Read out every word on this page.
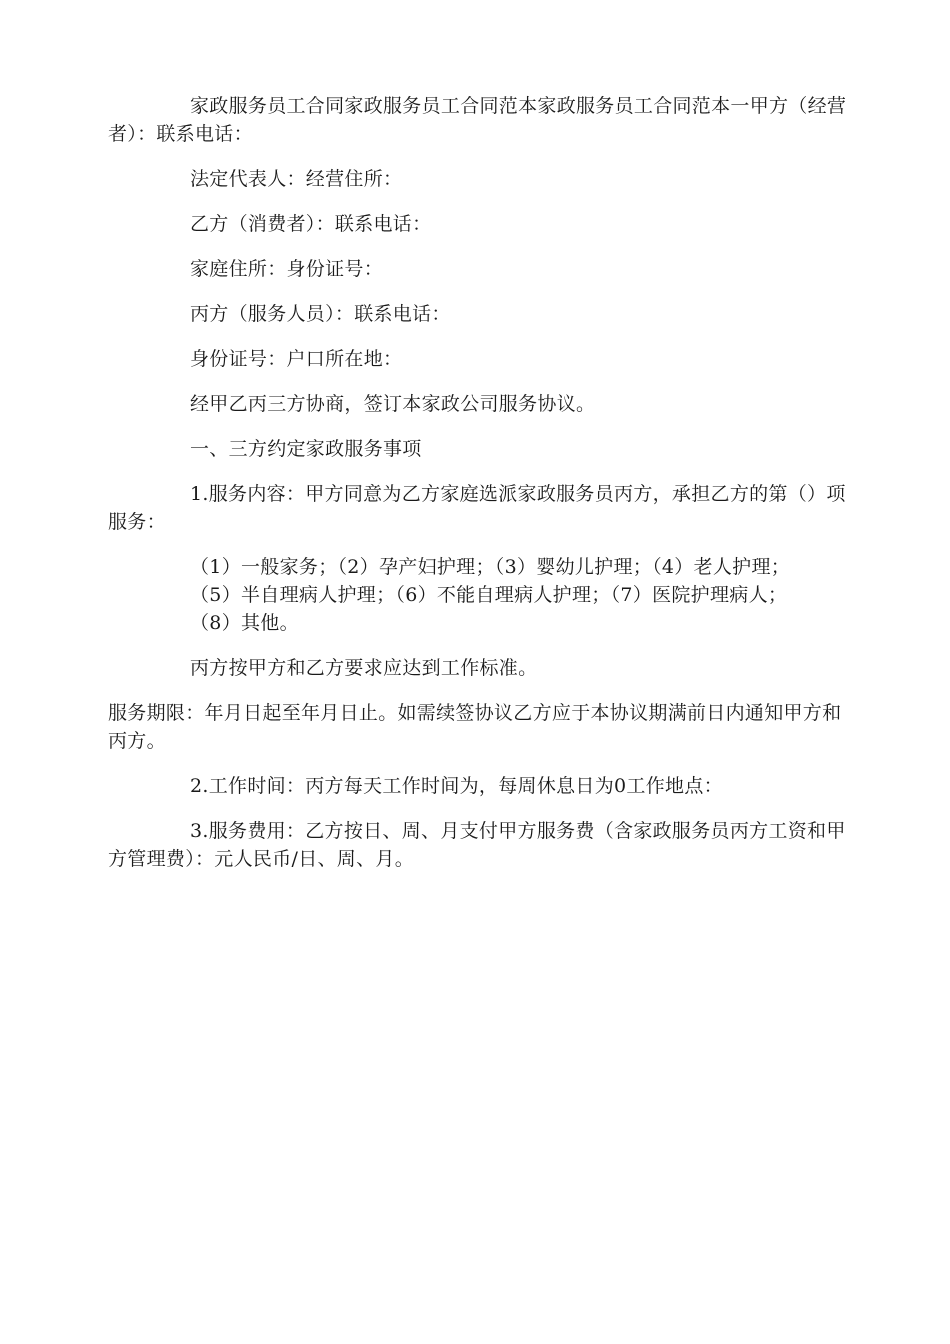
家政服务员工合同家政服务员工合同范本家政服务员工合同范本一甲方（经营者）：联系电话：

法定代表人：经营住所：

乙方（消费者）：联系电话：

家庭住所：身份证号：

丙方（服务人员）：联系电话：

身份证号：户口所在地：

经甲乙丙三方协商，签订本家政公司服务协议。

一、三方约定家政服务事项

1.服务内容：甲方同意为乙方家庭选派家政服务员丙方，承担乙方的第（）项服务：

（1）一般家务；（2）孕产妇护理；（3）婴幼儿护理；（4）老人护理；
（5）半自理病人护理；（6）不能自理病人护理；（7）医院护理病人；
（8）其他。

丙方按甲方和乙方要求应达到工作标准。

服务期限：年月日起至年月日止。如需续签协议乙方应于本协议期满前日内通知甲方和丙方。

2.工作时间：丙方每天工作时间为，每周休息日为0工作地点：

3.服务费用：乙方按日、周、月支付甲方服务费（含家政服务员丙方工资和甲方管理费）：元人民币/日、周、月。
